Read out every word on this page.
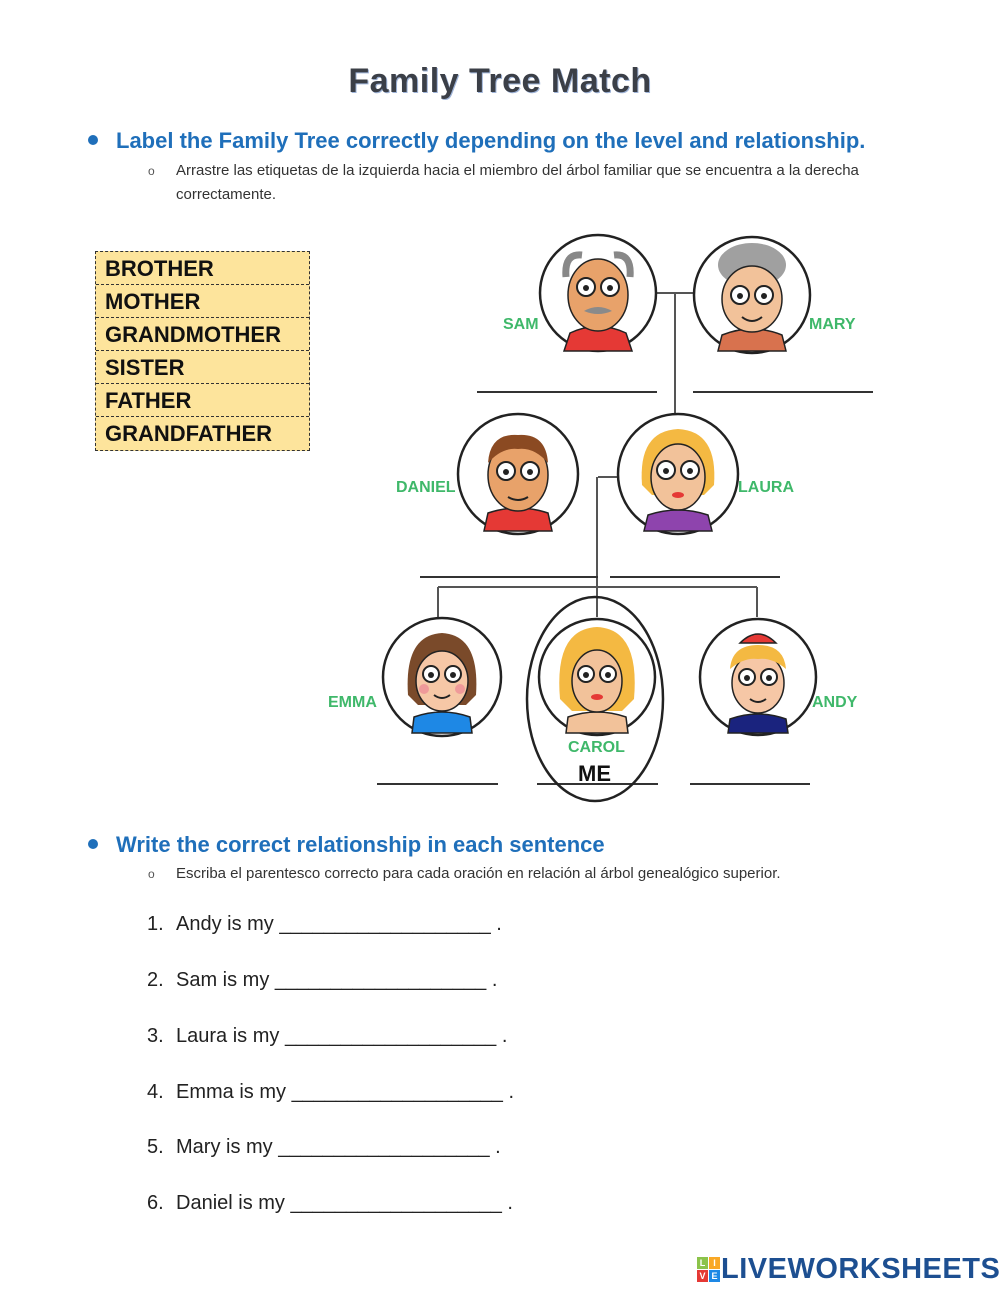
Family Tree Match
Label the Family Tree correctly depending on the level and relationship.
o Arrastre las etiquetas de la izquierda hacia el miembro del árbol familiar que se encuentra a la derecha correctamente.
BROTHER
MOTHER
GRANDMOTHER
SISTER
FATHER
GRANDFATHER
SAM	MARY
DANIEL	LAURA
EMMA
CAROL
ANDY
ME
Write the correct relationship in each sentence
o Escriba el parentesco correcto para cada oración en relación al árbol genealógico superior.
1. Andy is my ___________________ .
2. Sam is my ___________________ .
3. Laura is my ___________________ .
4. Emma is my ___________________ .
5. Mary is my ___________________ .
6. Daniel is my ___________________ .
L I
V E LIVEWORKSHEETS
